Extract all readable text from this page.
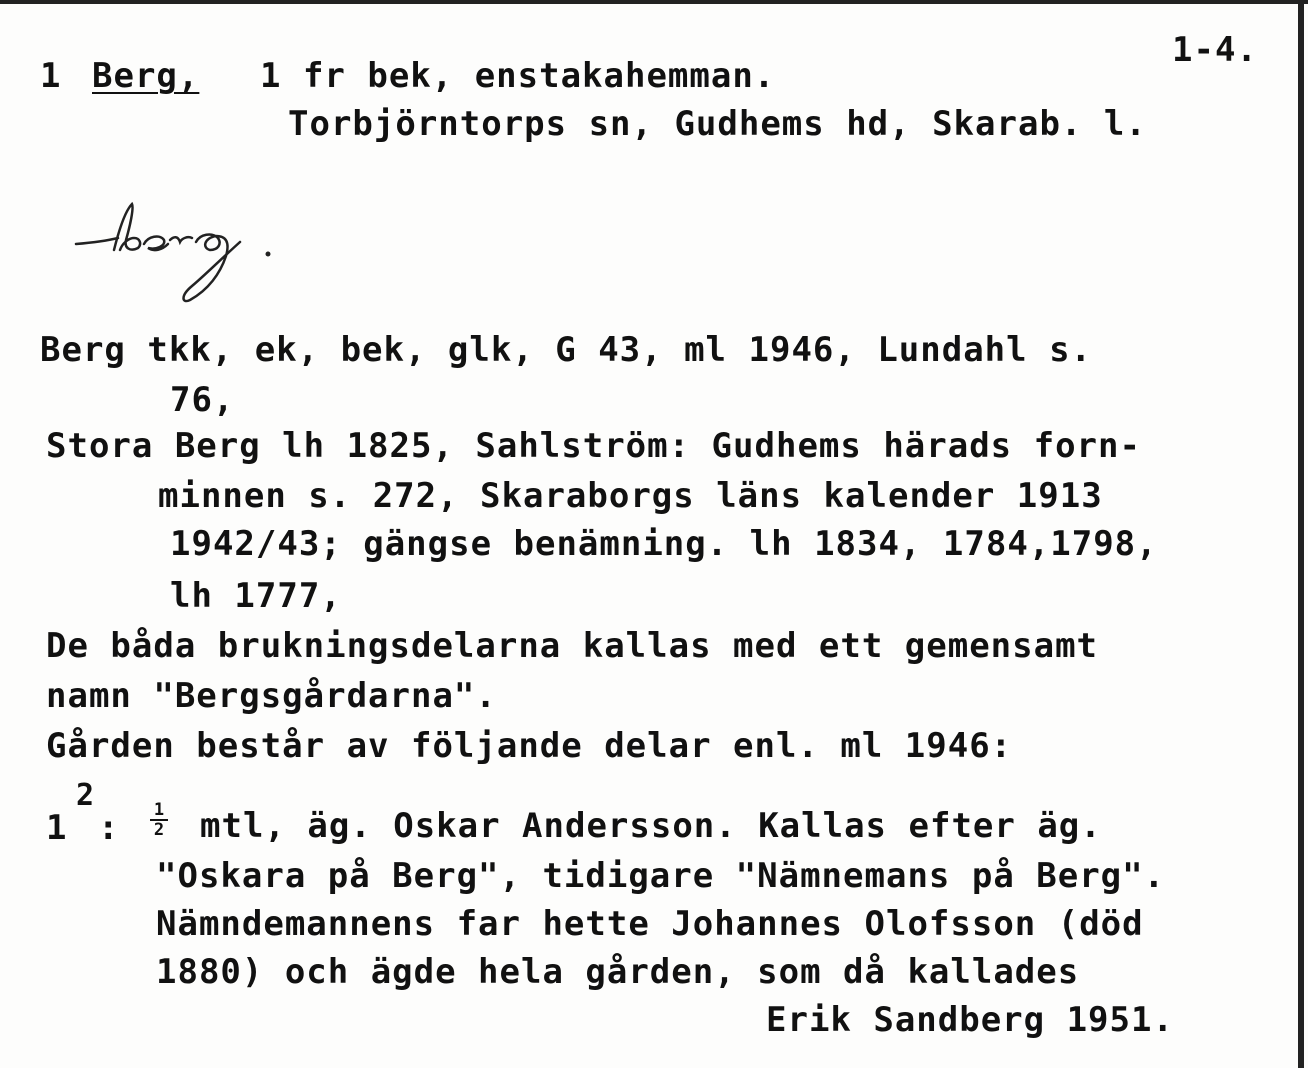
1-4.
1 Berg, 1 fr bek, enstakahemman.
Torbjörntorps sn, Gudhems hd, Skarab. l.
Berg tkk, ek, bek, glk, G 43, ml 1946, Lundahl s.
76,
Stora Berg lh 1825, Sahlström: Gudhems härads forn-
minnen s. 272, Skaraborgs läns kalender 1913
1942/43; gängse benämning. lh 1834, 1784,1798,
lh 1777,
De båda brukningsdelarna kallas med ett gemensamt
namn "Bergsgårdarna".
Gården består av följande delar enl. ml 1946:
1
2
: 1
2 mtl, äg. Oskar Andersson. Kallas efter äg.
"Oskara på Berg", tidigare "Nämnemans på Berg".
Nämndemannens far hette Johannes Olofsson (död
1880) och ägde hela gården, som då kallades
Erik Sandberg 1951.
